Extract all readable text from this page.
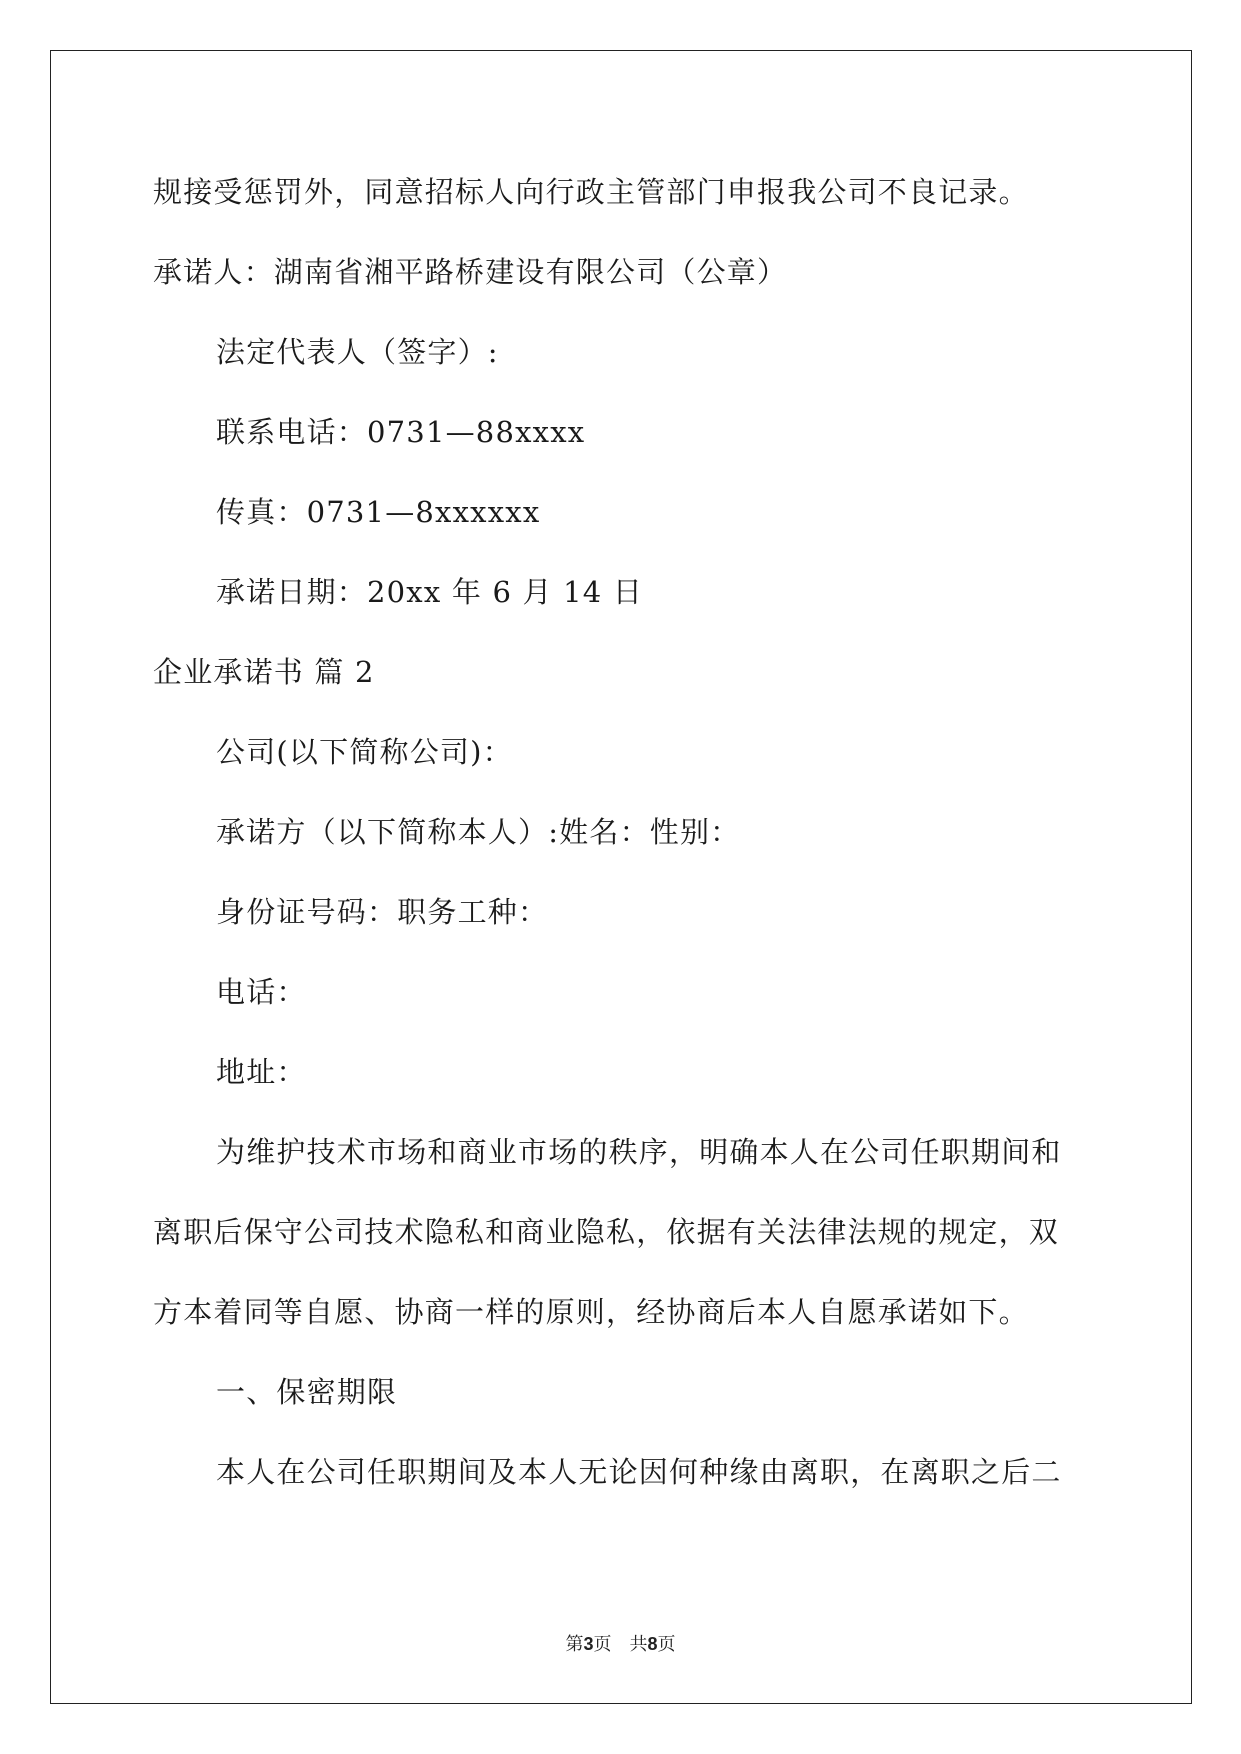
规接受惩罚外，同意招标人向行政主管部门申报我公司不良记录。
承诺人：湖南省湘平路桥建设有限公司（公章）
法定代表人（签字）:
联系电话：0731—88xxxx
传真：0731—8xxxxxx
承诺日期：20xx 年 6 月 14 日
企业承诺书 篇 2
公司(以下简称公司)：
承诺方（以下简称本人）:姓名：性别：
身份证号码：职务工种：
电话：
地址：
为维护技术市场和商业市场的秩序，明确本人在公司任职期间和
离职后保守公司技术隐私和商业隐私，依据有关法律法规的规定，双
方本着同等自愿、协商一样的原则，经协商后本人自愿承诺如下。
一、保密期限
本人在公司任职期间及本人无论因何种缘由离职，在离职之后二
第3页　共8页
